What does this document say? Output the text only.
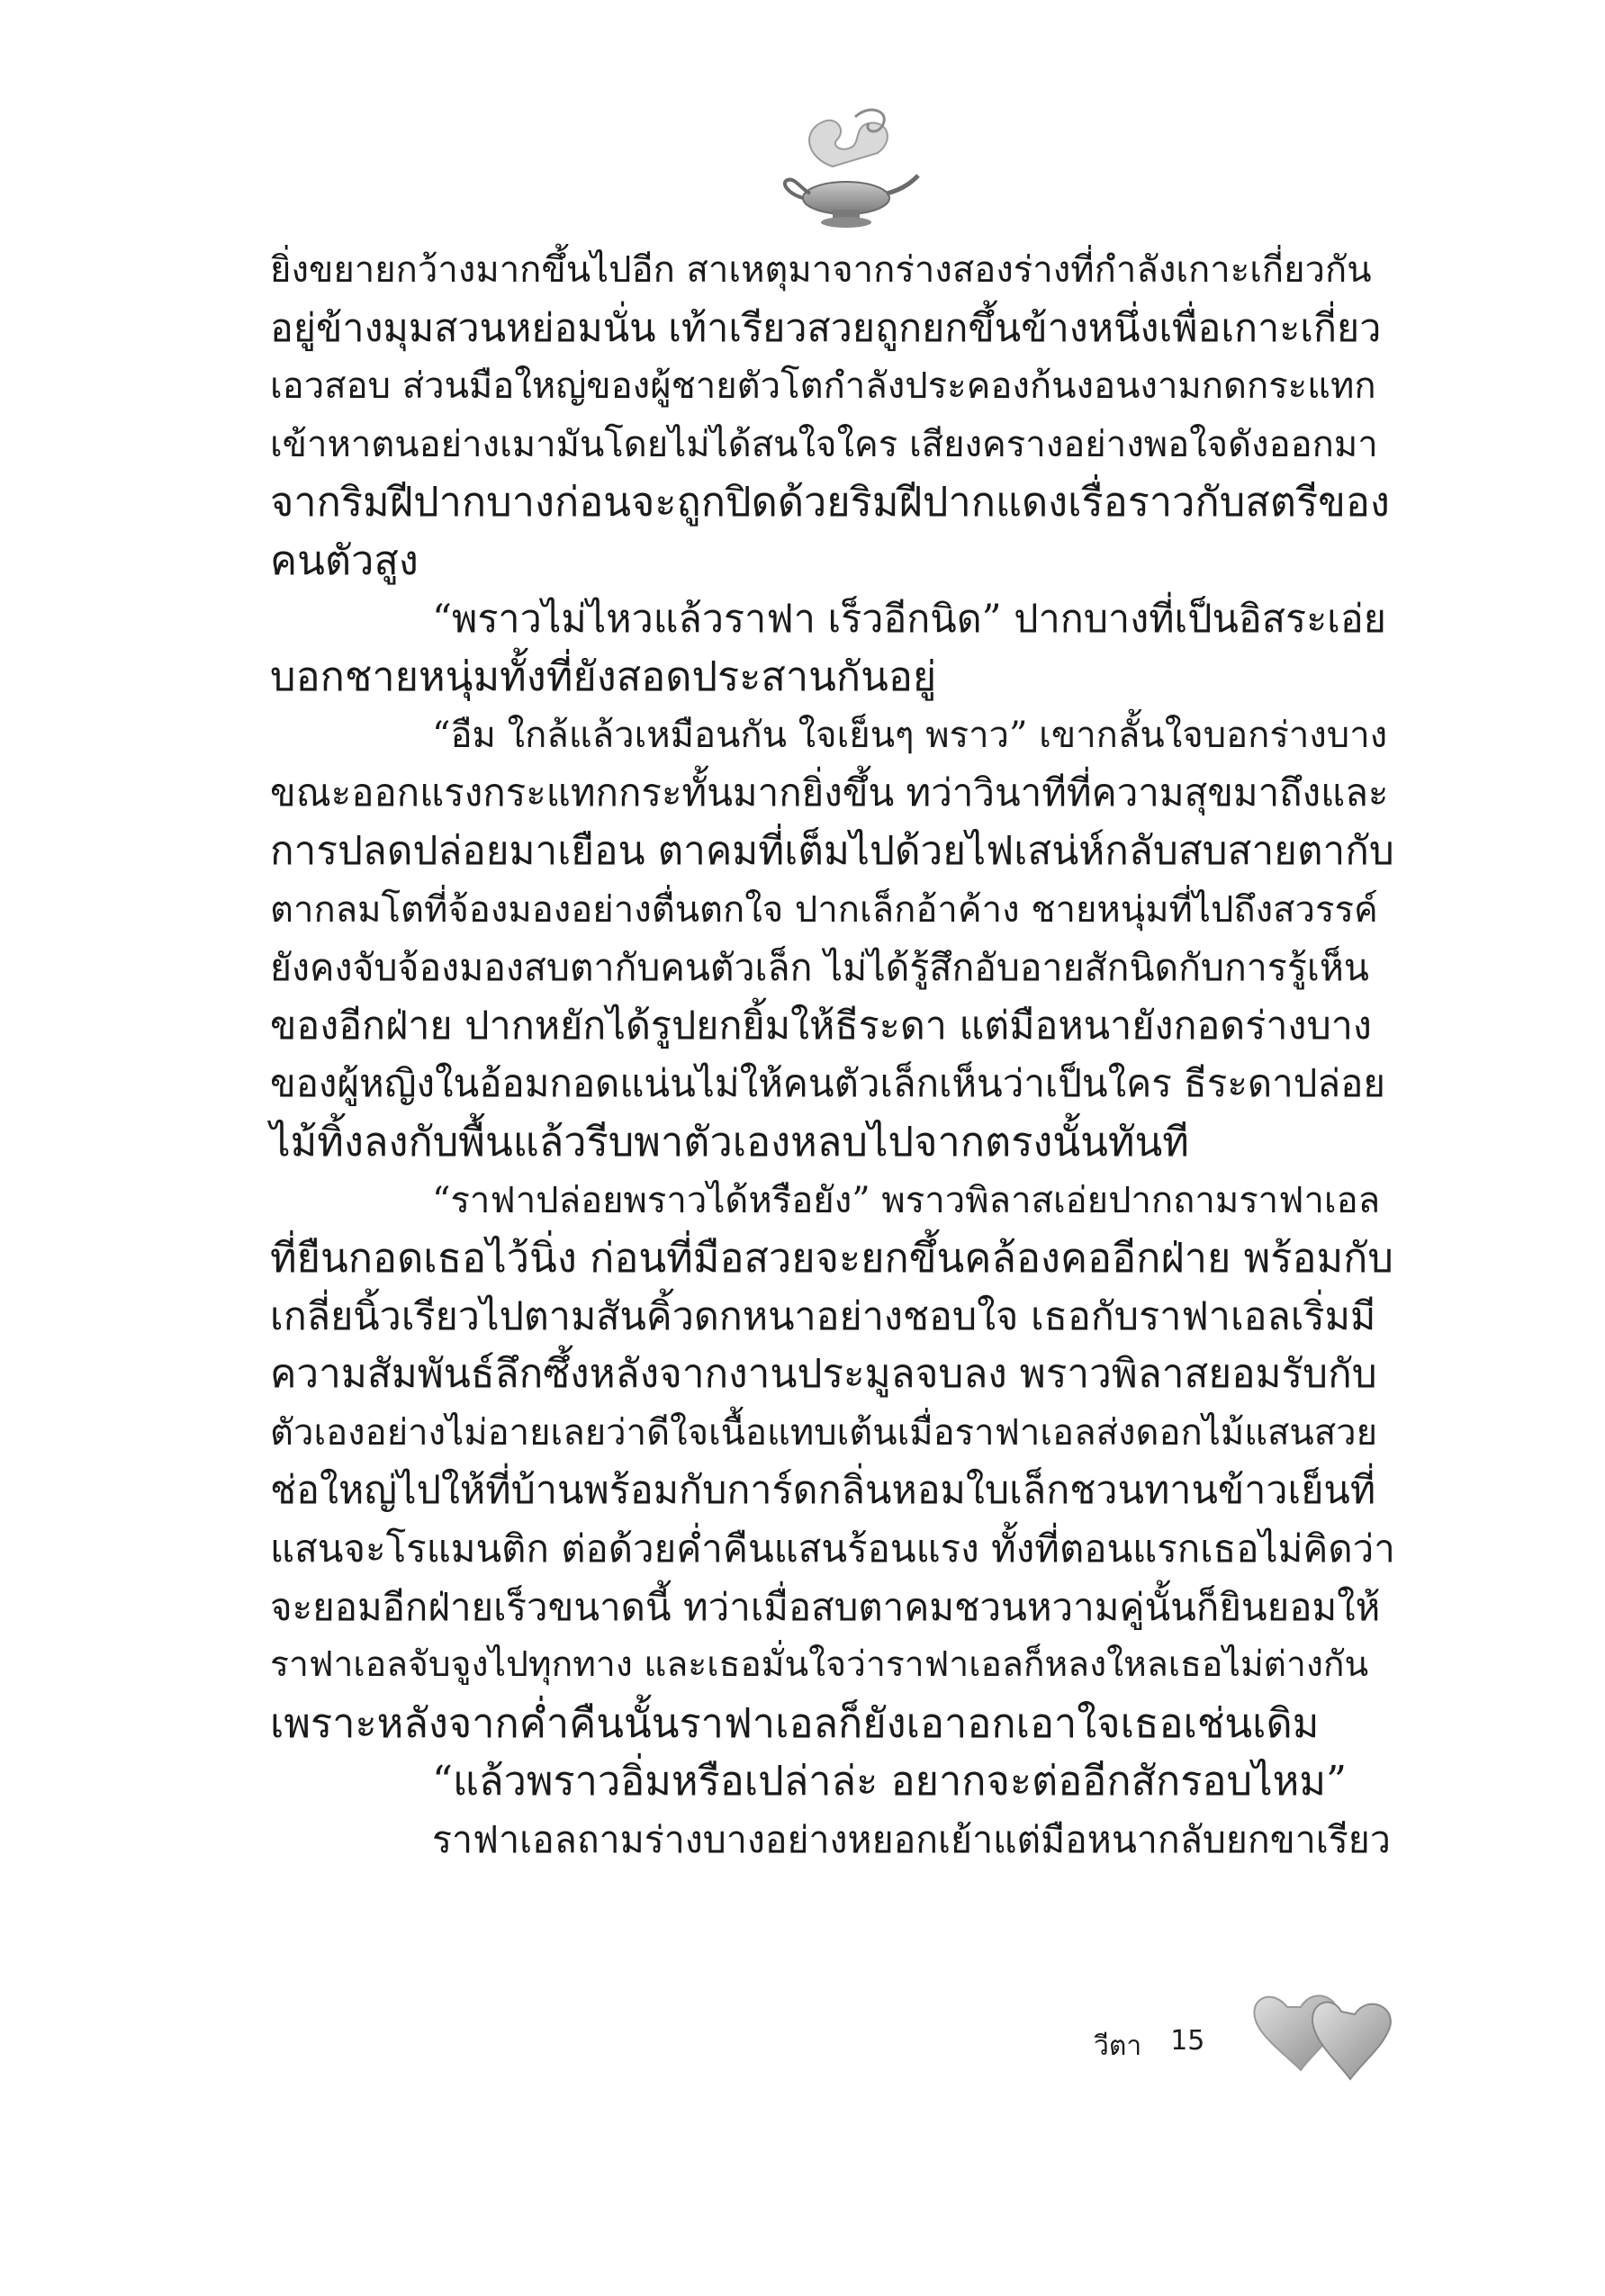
ยิ่งขยายกว้างมากขึ้นไปอีก สาเหตุมาจากร่างสองร่างที่กำลังเกาะเกี่ยวกัน
อยู่ข้างมุมสวนหย่อมนั่น เท้าเรียวสวยถูกยกขึ้นข้างหนึ่งเพื่อเกาะเกี่ยว
เอวสอบ ส่วนมือใหญ่ของผู้ชายตัวโตกำลังประคองก้นงอนงามกดกระแทก
เข้าหาตนอย่างเมามันโดยไม่ได้สนใจใคร เสียงครางอย่างพอใจดังออกมา
จากริมฝีปากบางก่อนจะถูกปิดด้วยริมฝีปากแดงเรื่อราวกับสตรีของ
คนตัวสูง
“พราวไม่ไหวแล้วราฟา เร็วอีกนิด” ปากบางที่เป็นอิสระเอ่ย
บอกชายหนุ่มทั้งที่ยังสอดประสานกันอยู่
“อืม ใกล้แล้วเหมือนกัน ใจเย็นๆ พราว” เขากลั้นใจบอกร่างบาง
ขณะออกแรงกระแทกกระทั้นมากยิ่งขึ้น ทว่าวินาทีที่ความสุขมาถึงและ
การปลดปล่อยมาเยือน ตาคมที่เต็มไปด้วยไฟเสน่ห์กลับสบสายตากับ
ตากลมโตที่จ้องมองอย่างตื่นตกใจ ปากเล็กอ้าค้าง ชายหนุ่มที่ไปถึงสวรรค์
ยังคงจับจ้องมองสบตากับคนตัวเล็ก ไม่ได้รู้สึกอับอายสักนิดกับการรู้เห็น
ของอีกฝ่าย ปากหยักได้รูปยกยิ้มให้ธีระดา แต่มือหนายังกอดร่างบาง
ของผู้หญิงในอ้อมกอดแน่นไม่ให้คนตัวเล็กเห็นว่าเป็นใคร ธีระดาปล่อย
ไม้ทิ้งลงกับพื้นแล้วรีบพาตัวเองหลบไปจากตรงนั้นทันที
“ราฟาปล่อยพราวได้หรือยัง” พราวพิลาสเอ่ยปากถามราฟาเอล
ที่ยืนกอดเธอไว้นิ่ง ก่อนที่มือสวยจะยกขึ้นคล้องคออีกฝ่าย พร้อมกับ
เกลี่ยนิ้วเรียวไปตามสันคิ้วดกหนาอย่างชอบใจ เธอกับราฟาเอลเริ่มมี
ความสัมพันธ์ลึกซึ้งหลังจากงานประมูลจบลง พราวพิลาสยอมรับกับ
ตัวเองอย่างไม่อายเลยว่าดีใจเนื้อแทบเต้นเมื่อราฟาเอลส่งดอกไม้แสนสวย
ช่อใหญ่ไปให้ที่บ้านพร้อมกับการ์ดกลิ่นหอมใบเล็กชวนทานข้าวเย็นที่
แสนจะโรแมนติก ต่อด้วยค่ำคืนแสนร้อนแรง ทั้งที่ตอนแรกเธอไม่คิดว่า
จะยอมอีกฝ่ายเร็วขนาดนี้ ทว่าเมื่อสบตาคมชวนหวามคู่นั้นก็ยินยอมให้
ราฟาเอลจับจูงไปทุกทาง และเธอมั่นใจว่าราฟาเอลก็หลงใหลเธอไม่ต่างกัน
เพราะหลังจากค่ำคืนนั้นราฟาเอลก็ยังเอาอกเอาใจเธอเช่นเดิม
“แล้วพราวอิ่มหรือเปล่าล่ะ อยากจะต่ออีกสักรอบไหม”
ราฟาเอลถามร่างบางอย่างหยอกเย้าแต่มือหนากลับยกขาเรียว
วีตา 15
